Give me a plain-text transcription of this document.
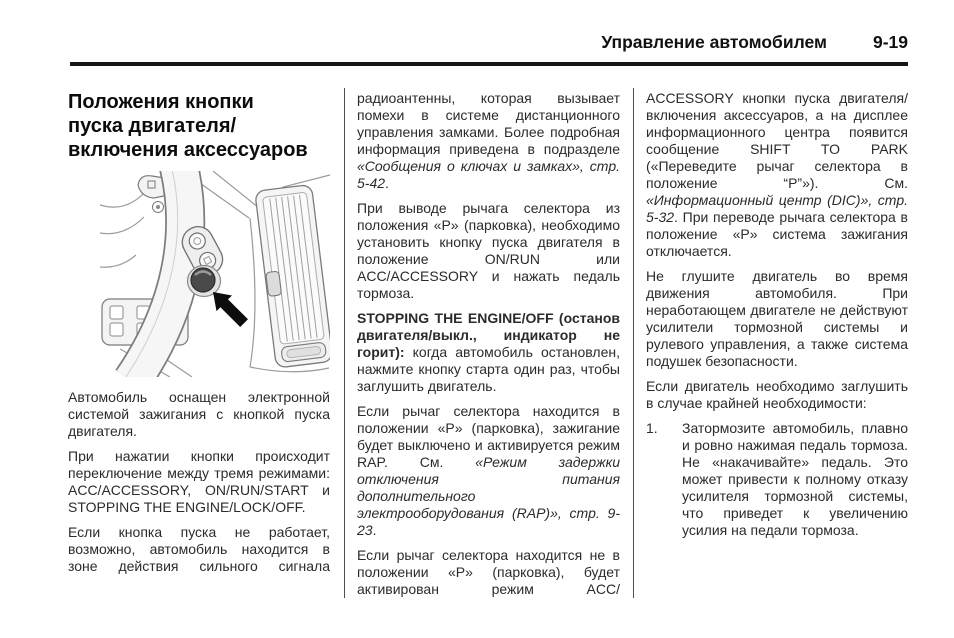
Управление автомобилем	9-19
Положения кнопки
пуска двигателя/
включения аксессуаров

Автомобиль оснащен электронной системой зажигания с кнопкой пуска двигателя.

При нажатии кнопки происходит переключение между тремя режимами: ACC/ACCESSORY, ON/RUN/START и STOPPING THE ENGINE/LOCK/OFF.

Если кнопка пуска не работает, возможно, автомобиль находится в зоне действия сильного сигнала

радиоантенны, которая вызывает помехи в системе дистанционного управления замками. Более подробная информация приведена в подразделе «Сообщения о ключах и замках», стр. 5-42.

При выводе рычага селектора из положения «P» (парковка), необходимо установить кнопку пуска двигателя в положение ON/RUN или ACC/ACCESSORY и нажать педаль тормоза.

STOPPING THE ENGINE/OFF (останов двигателя/выкл., индикатор не горит): когда автомобиль остановлен, нажмите кнопку старта один раз, чтобы заглушить двигатель.

Если рычаг селектора находится в положении «P» (парковка), зажигание будет выключено и активируется режим RAP. См. «Режим задержки отключения питания дополнительного электрооборудования (RAP)», стр. 9-23.

Если рычаг селектора находится не в положении «P» (парковка), будет активирован режим ACC/

ACCESSORY кнопки пуска двигателя/включения аксессуаров, а на дисплее информационного центра появится сообщение SHIFT TO PARK («Переведите рычаг селектора в положение “P”»). См. «Информационный центр (DIC)», стр. 5-32. При переводе рычага селектора в положение «P» система зажигания отключается.

Не глушите двигатель во время движения автомобиля. При неработающем двигателе не действуют усилители тормозной системы и рулевого управления, а также система подушек безопасности.

Если двигатель необходимо заглушить в случае крайней необходимости:

1.	Затормозите автомобиль, плавно и ровно нажимая педаль тормоза. Не «накачивайте» педаль. Это может привести к полному отказу усилителя тормозной системы, что приведет к увеличению усилия на педали тормоза.
